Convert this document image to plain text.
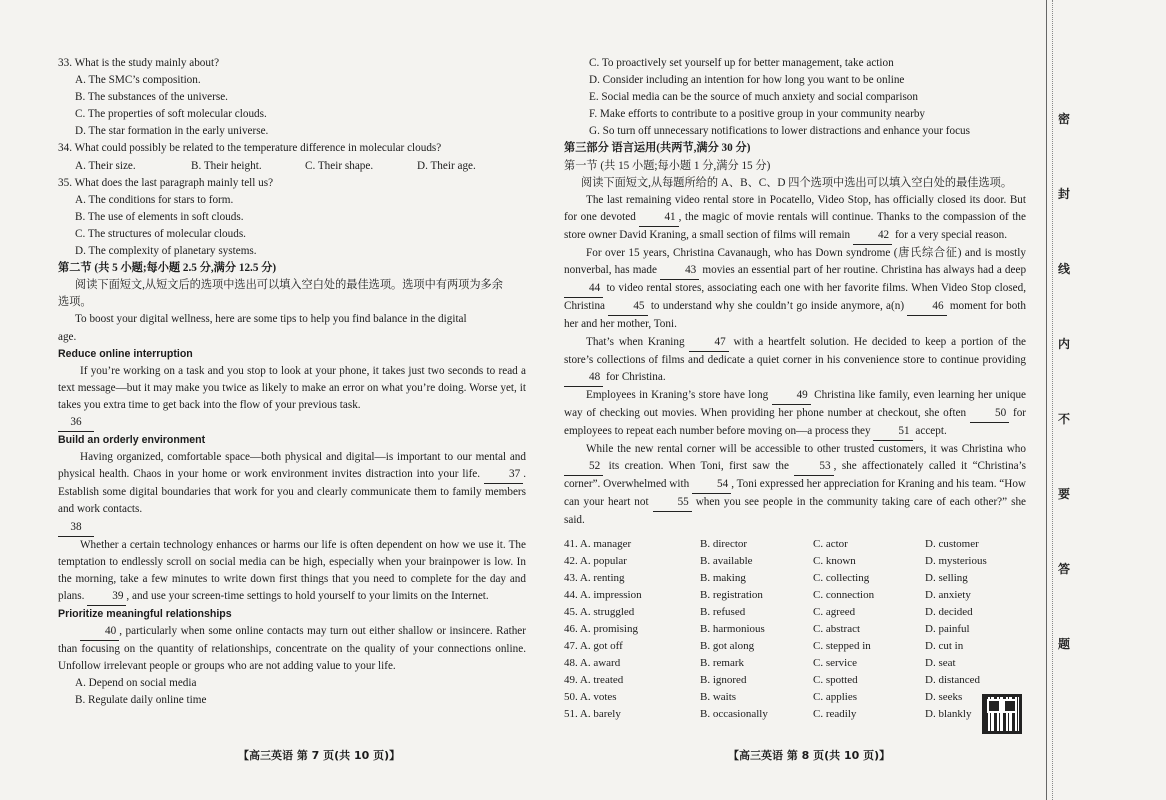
33. What is the study mainly about?
A. The SMC’s composition.
B. The substances of the universe.
C. The properties of soft molecular clouds.
D. The star formation in the early universe.
34. What could possibly be related to the temperature difference in molecular clouds?
A. Their size.	B. Their height.	C. Their shape.	D. Their age.
35. What does the last paragraph mainly tell us?
A. The conditions for stars to form.
B. The use of elements in soft clouds.
C. The structures of molecular clouds.
D. The complexity of planetary systems.
第二节 (共 5 小题;每小题 2.5 分,满分 12.5 分)
阅读下面短文,从短文后的选项中选出可以填入空白处的最佳选项。选项中有两项为多余
选项。
To boost your digital wellness, here are some tips to help you find balance in the digital
age.
Reduce online interruption
If you’re working on a task and you stop to look at your phone, it takes just two seconds to read a text message—but it may make you twice as likely to make an error on what you’re doing. Worse yet, it takes you extra time to get back into the flow of your previous task.
36
Build an orderly environment
Having organized, comfortable space—both physical and digital—is important to our mental and physical health. Chaos in your home or work environment invites distraction into your life.	37 . Establish some digital boundaries that work for you and clearly communicate them to family members and work contacts.
38
Whether a certain technology enhances or harms our life is often dependent on how we use it. The temptation to endlessly scroll on social media can be high, especially when your brainpower is low. In the morning, take a few minutes to write down first things that you need to complete for the day and plans. 39 , and use your screen-time settings to hold yourself to your limits on the Internet.
Prioritize meaningful relationships
40 , particularly when some online contacts may turn out either shallow or insincere. Rather than focusing on the quantity of relationships, concentrate on the quality of your connections online. Unfollow irrelevant people or groups who are not adding value to your life.
A. Depend on social media
B. Regulate daily online time
【高三英语 第 7 页(共 10 页)】
C. To proactively set yourself up for better management, take action
D. Consider including an intention for how long you want to be online
E. Social media can be the source of much anxiety and social comparison
F. Make efforts to contribute to a positive group in your community nearby
G. So turn off unnecessary notifications to lower distractions and enhance your focus
第三部分 语言运用(共两节,满分 30 分)
第一节 (共 15 小题;每小题 1 分,满分 15 分)
阅读下面短文,从每题所给的 A、B、C、D 四个选项中选出可以填入空白处的最佳选项。
The last remaining video rental store in Pocatello, Video Stop, has officially closed its door. But for one devoted	41 , the magic of movie rentals will continue. Thanks to the compassion of the store owner David Kraning, a small section of films will remain 42 for a very special reason.
For over 15 years, Christina Cavanaugh, who has Down syndrome (唐氏综合征) and is mostly nonverbal, has made	43 movies an essential part of her routine. Christina has always had a deep 44 to video rental stores, associating each one with her favorite films. When Video Stop closed, Christina	45 to understand why she couldn’t go inside anymore, a(n)	46 moment for both her and her mother, Toni.
That’s when Kraning	47 with a heartfelt solution. He decided to keep a portion of the store’s collections of films and dedicate a quiet corner in his convenience store to continue providing 48 for Christina.
Employees in Kraning’s store have long	49 Christina like family, even learning her unique way of checking out movies. When providing her phone number at checkout, she often	50 for employees to repeat each number before moving on—a process they 51 accept.
While the new rental corner will be accessible to other trusted customers, it was Christina who 52 its creation. When Toni, first saw the	53 , she affectionately called it “Christina’s corner”. Overwhelmed with 54 , Toni expressed her appreciation for Kraning and his team. “How can your heart not	55 when you see people in the community taking care of each other?” she said.
41. A. manager	B. director	C. actor	D. customer
42. A. popular	B. available	C. known	D. mysterious
43. A. renting	B. making	C. collecting	D. selling
44. A. impression	B. registration	C. connection	D. anxiety
45. A. struggled	B. refused	C. agreed	D. decided
46. A. promising	B. harmonious	C. abstract	D. painful
47. A. got off	B. got along	C. stepped in	D. cut in
48. A. award	B. remark	C. service	D. seat
49. A. treated	B. ignored	C. spotted	D. distanced
50. A. votes	B. waits	C. applies	D. seeks
51. A. barely	B. occasionally	C. readily	D. blankly
【高三英语 第 8 页(共 10 页)】
密
封
线
内
不
要
答
题
